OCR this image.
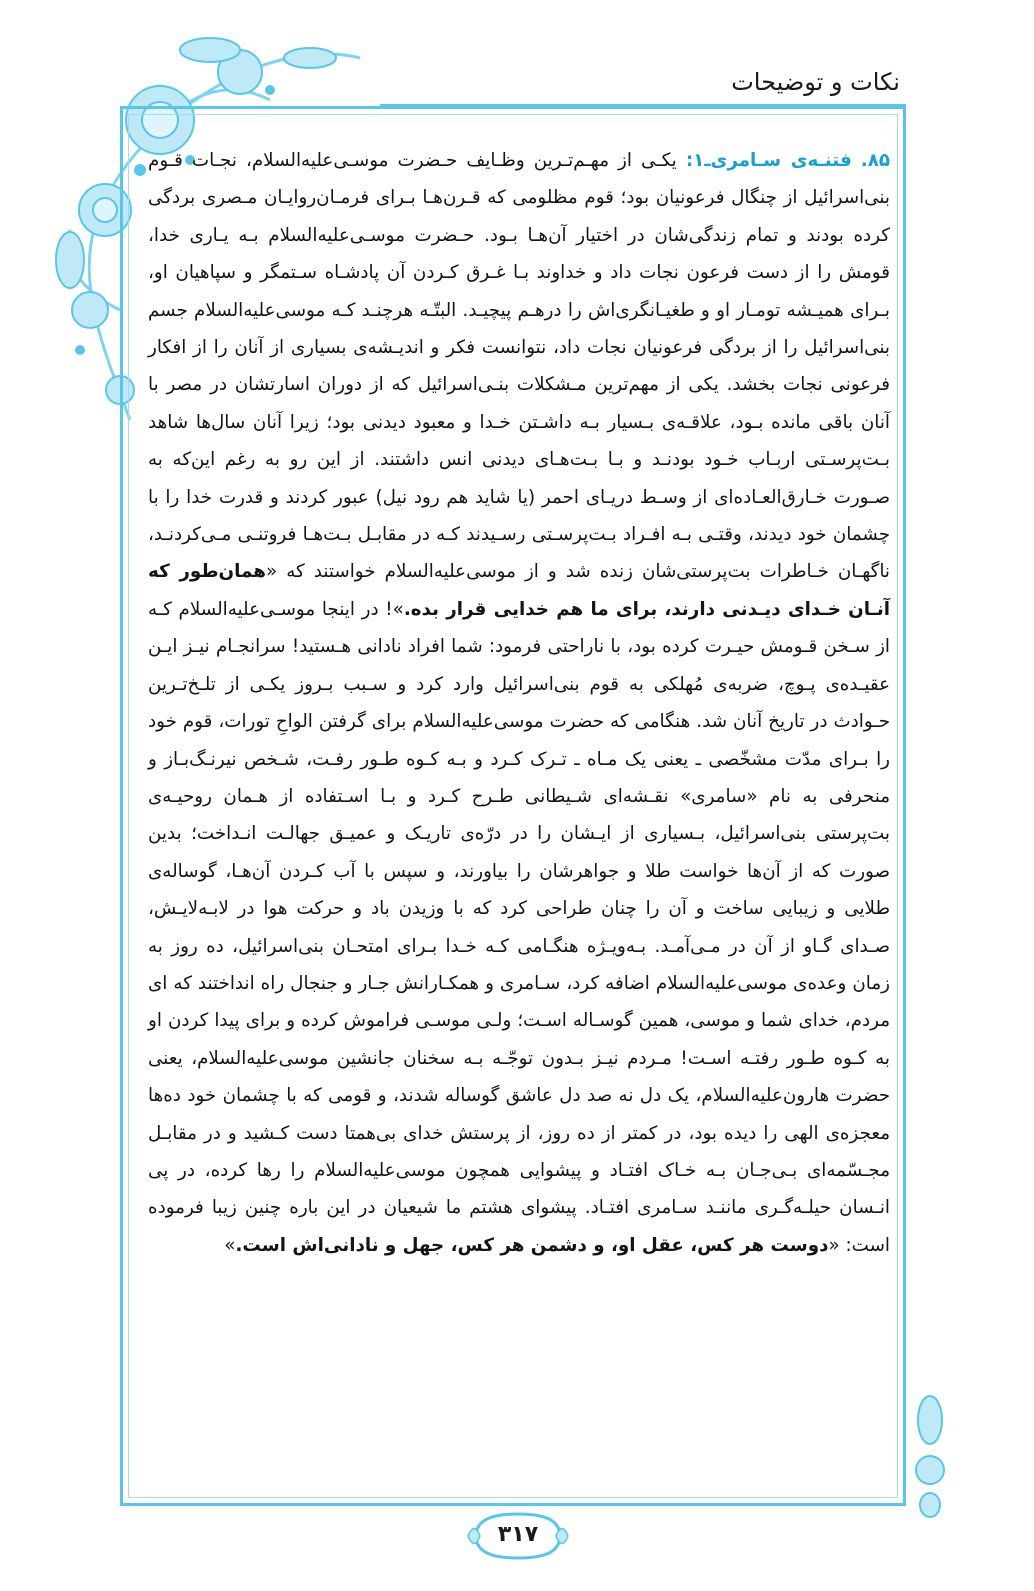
نکات و توضیحات
۸۵. فتنـه‌ی سـامری‌ـ۱: یکـی از مهـم‌تـرین وظـایف حـضرت موسـی‌علیه‌السلام، نجـات قـوم بنی‌اسرائیل از چنگال فرعونیان بود؛ قوم مظلومی که قـرن‌هـا بـرای فرمـان‌روایـان مـصری بردگی کرده بودند و تمام زندگی‌شان در اختیار آن‌هـا بـود. حـضرت موسـی‌علیه‌السلام بـه یـاری خدا، قومش را از دست فرعون نجات داد و خداوند بـا غـرق کـردن آن پادشـاه سـتمگر و سپاهیان او، بـرای همیـشه تومـار او و طغیـانگری‌اش را درهـم پیچیـد. البتّـه هرچنـد کـه موسی‌علیه‌السلام جسم بنی‌اسرائیل را از بردگی فرعونیان نجات داد، نتوانست فکر و اندیـشه‌ی بسیاری از آنان را از افکار فرعونی نجات بخشد. یکی از مهم‌ترین مـشکلات بنـی‌اسرائیل که از دوران اسارتشان در مصر با آنان باقی مانده بـود، علاقـه‌ی بـسیار بـه داشـتن خـدا و معبود دیدنی بود؛ زیرا آنان سال‌ها شاهد بـت‌پرسـتی اربـاب خـود بودنـد و بـا بـت‌هـای دیدنی انس داشتند. از این رو به رغم این‌که به صـورت خـارق‌العـاده‌ای از وسـط دریـای احمر (یا شاید هم رود نیل) عبور کردند و قدرت خدا را با چشمان خود دیدند، وقتـی بـه افـراد بـت‌پرسـتی رسـیدند کـه در مقابـل بـت‌هـا فروتنـی مـی‌کردنـد، ناگهـان خـاطرات بت‌پرستی‌شان زنده شد و از موسی‌علیه‌السلام خواستند که «همان‌طور که آنـان خـدای دیـدنی دارند، برای ما هم خدایی قرار بده.»! در اینجا موسـی‌علیه‌السلام کـه از سـخن قـومش حیـرت کرده بود، با ناراحتی فرمود: شما افراد نادانی هـستید! سرانجـام نیـز ایـن عقیـده‌ی پـوچ، ضربه‌ی مُهلکی به قوم بنی‌اسرائیل وارد کرد و سـبب بـروز یکـی از تلـخ‌تـرین حـوادث در تاریخ آنان شد. هنگامی که حضرت موسی‌علیه‌السلام برای گرفتن الواحِ تورات، قوم خود را بـرای مدّت مشخّصی ـ یعنی یک مـاه ـ تـرک کـرد و بـه کـوه طـور رفـت، شـخص نیرنـگ‌بـاز و منحرفی به نام «سامری» نقـشه‌ای شـیطانی طـرح کـرد و بـا اسـتفاده از هـمان روحیـه‌ی بت‌پرستی بنی‌اسرائیل، بـسیاری از ایـشان را در درّه‌ی تاریـک و عمیـق جهالـت انـداخت؛ بدین صورت که از آن‌ها خواست طلا و جواهرشان را بیاورند، و سپس با آب کـردن آن‌هـا، گوساله‌ی طلایی و زیبایی ساخت و آن را چنان طراحی کرد که با وزیدن باد و حرکت هوا در لابـه‌لایـش، صـدای گـاو از آن در مـی‌آمـد. بـه‌ویـژه هنگـامی کـه خـدا بـرای امتحـان بنی‌اسرائیل، ده روز به زمان وعده‌ی موسی‌علیه‌السلام اضافه کرد، سـامری و همکـارانش جـار و جنجال راه انداختند که ای مردم، خدای شما و موسی، همین گوسـاله اسـت؛ ولـی موسـی فراموش کرده و برای پیدا کردن او به کـوه طـور رفتـه اسـت! مـردم نیـز بـدون توجّـه بـه سخنان جانشین موسی‌علیه‌السلام، یعنی حضرت هارون‌علیه‌السلام، یک دل نه صد دل عاشق گوساله شدند، و قومی که با چشمان خود ده‌ها معجزه‌ی الهی را دیده بود، در کمتر از ده روز، از پرستش خدای بی‌همتا دست کـشید و در مقابـل مجـسّمه‌ای بـی‌جـان بـه خـاک افتـاد و پیشوایی همچون موسی‌علیه‌السلام را رها کرده، در پی انـسان حیلـه‌گـری ماننـد سـامری افتـاد. پیشوای هشتم ما شیعیان در این باره چنین زیبا فرموده است: «دوست هر کس، عقل او، و دشمن هر کس، جهل و نادانی‌اش است.»
۳۱۷
